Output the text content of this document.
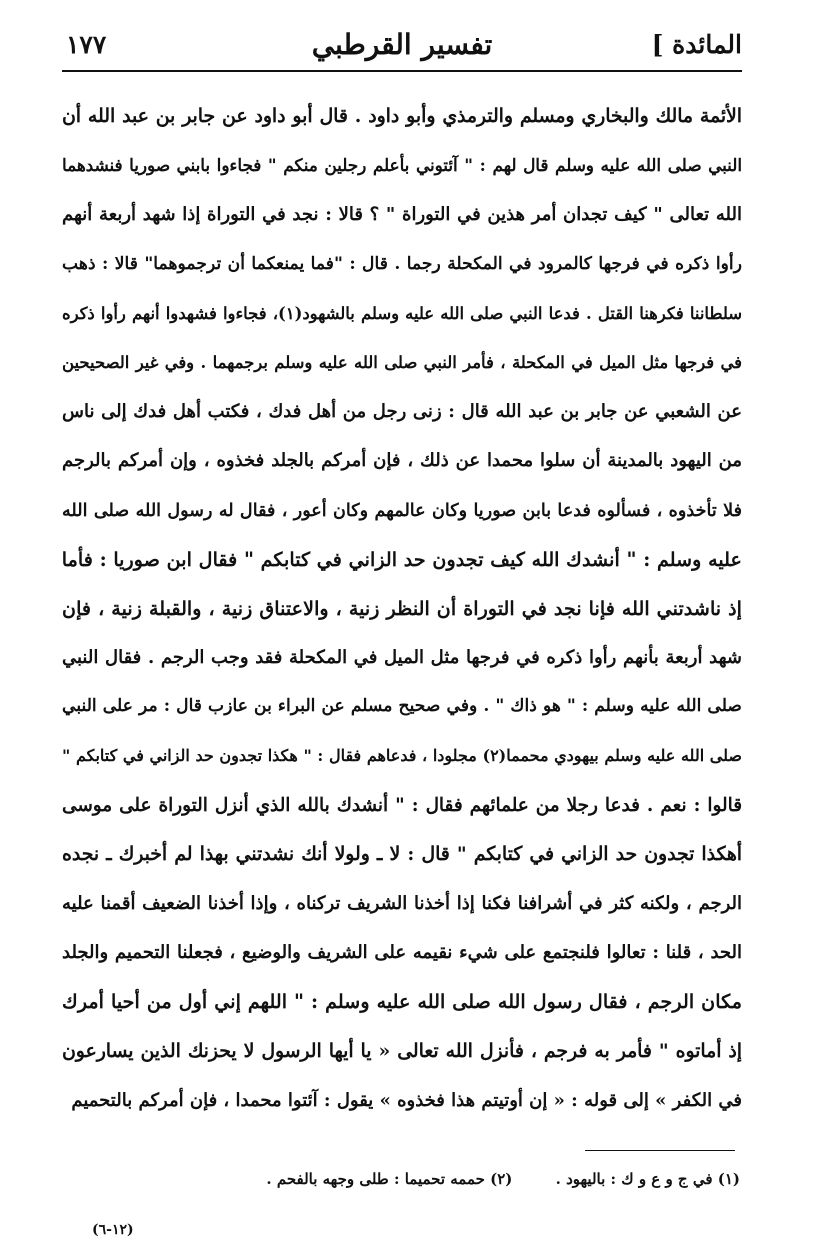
المائدة ]
تفسير القرطبي
١٧٧
الأئمة مالك والبخاري ومسلم والترمذي وأبو داود . قال أبو داود عن جابر بن عبد الله أن
النبي صلى الله عليه وسلم قال لهم : " آئتوني بأعلم رجلين منكم " فجاءوا بابني صوريا فنشدهما
الله تعالى " كيف تجدان أمر هذين في التوراة " ؟ قالا : نجد في التوراة إذا شهد أربعة أنهم
رأوا ذكره في فرجها كالمرود في المكحلة رجما . قال : "فما يمنعكما أن ترجموهما" قالا : ذهب
سلطاننا فكرهنا القتل . فدعا النبي صلى الله عليه وسلم بالشهود(١)، فجاءوا فشهدوا أنهم رأوا ذكره
في فرجها مثل الميل في المكحلة ، فأمر النبي صلى الله عليه وسلم برجمهما . وفي غير الصحيحين
عن الشعبي عن جابر بن عبد الله قال : زنى رجل من أهل فدك ، فكتب أهل فدك إلى ناس
من اليهود بالمدينة أن سلوا محمدا عن ذلك ، فإن أمركم بالجلد فخذوه ، وإن أمركم بالرجم
فلا تأخذوه ، فسألوه فدعا بابن صوريا وكان عالمهم وكان أعور ، فقال له رسول الله صلى الله
عليه وسلم : " أنشدك الله كيف تجدون حد الزاني في كتابكم " فقال ابن صوريا : فأما
إذ ناشدتني الله فإنا نجد في التوراة أن النظر زنية ، والاعتناق زنية ، والقبلة زنية ، فإن
شهد أربعة بأنهم رأوا ذكره في فرجها مثل الميل في المكحلة فقد وجب الرجم . فقال النبي
صلى الله عليه وسلم : " هو ذاك " . وفي صحيح مسلم عن البراء بن عازب قال : مر على النبي
صلى الله عليه وسلم بيهودي محمما(٢) مجلودا ، فدعاهم فقال : " هكذا تجدون حد الزاني في كتابكم "
قالوا : نعم . فدعا رجلا من علمائهم فقال : " أنشدك بالله الذي أنزل التوراة على موسى
أهكذا تجدون حد الزاني في كتابكم " قال : لا ـ ولولا أنك نشدتني بهذا لم أخبرك ـ نجده
الرجم ، ولكنه كثر في أشرافنا فكنا إذا أخذنا الشريف تركناه ، وإذا أخذنا الضعيف أقمنا عليه
الحد ، قلنا : تعالوا فلنجتمع على شيء نقيمه على الشريف والوضيع ، فجعلنا التحميم والجلد
مكان الرجم ، فقال رسول الله صلى الله عليه وسلم : " اللهم إني أول من أحيا أمرك
إذ أماتوه " فأمر به فرجم ، فأنزل الله تعالى « يا أيها الرسول لا يحزنك الذين يسارعون
في الكفر » إلى قوله : « إن أوتيتم هذا فخذوه » يقول : آئتوا محمدا ، فإن أمركم بالتحميم
(١) في ج و ع و ك : باليهود . (٢) حممه تحميما : طلى وجهه بالفحم .
(١٢-٦)
